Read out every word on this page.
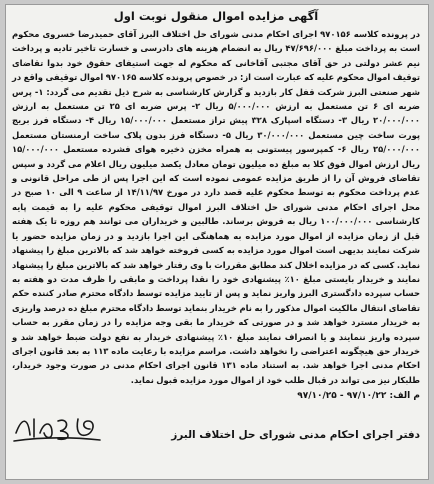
آگهی مزایده اموال منقول نوبت اول

در پرونده کلاسه ۹۷۰۱۵۶ اجرای احکام مدنی شورای حل اختلاف البرز آقای حمیدرضا خسروی محکوم است به پرداخت مبلغ ۴۷/۶۹۶/۰۰۰ ریال به انضمام هزینه های دادرسی و خسارت تاخیر تادیه و پرداخت نیم عشر دولتی در حق آقای مجتبی آقاخانی که محکوم له جهت استیفای حقوق خود بدوا تقاضای توقیف اموال محکوم علیه که عبارت است از: در خصوص پرونده کلاسه ۹۷۰۱۶۵ اموال توقیفی واقع در شهر صنعتی البرز شرکت قفل کار بازدید و گزارش کارشناسی به شرح ذیل تقدیم می گردد: ۱- پرس ضربه ای ۶ تن مستعمل به ارزش ۵/۰۰۰/۰۰۰ ریال ۲- پرس ضربه ای ۲۵ تن مستعمل به ارزش ۲۰/۰۰۰/۰۰۰ ریال ۳- دستگاه اسپارک ۳۲۸ پیش تراز مستعمل ۱۵/۰۰۰/۰۰۰ ریال ۴- دستگاه فرز بریج پورت ساخت چین مستعمل ۳۰/۰۰۰/۰۰۰ ریال ۵- دستگاه فرز بدون پلاک ساخت ارمنستان مستعمل ۲۵/۰۰۰/۰۰۰ ریال ۶- کمپرسور پیستونی به همراه مخزن ذخیره هوای فشرده مستعمل ۱۵/۰۰۰/۰۰۰ ریال ارزش اموال فوق کلا به مبلغ ده میلیون تومان معادل یکصد میلیون ریال اعلام می گردد و سپس تقاضای فروش آن را از طریق مزایده عمومی نموده است که این اجرا پس از طی مراحل قانونی و عدم پرداخت محکوم به توسط محکوم علیه قصد دارد در مورخ ۱۴/۱۱/۹۷ از ساعت ۹ الی ۱۰ صبح در محل اجرای احکام مدنی شورای حل اختلاف البرز اموال توقیفی محکوم علیه را به قیمت پایه کارشناسی ۱۰۰/۰۰۰/۰۰۰ ریال به فروش برساند. طالبین و خریداران می توانند هم روزه تا یک هفته قبل از زمان مزایده از اموال مورد مزایده به هماهنگی این اجرا بازدید و در زمان مزایده حضور یا شرکت نمایند بدیهی است اموال مورد مزایده به کسی فروخته خواهد شد که بالاترین مبلغ را پیشنهاد نماید. کسی که در مزایده اخلال کند مطابق مقررات با وی رفتار خواهد شد که بالاترین مبلغ را پیشنهاد نمایند و خریدار بایستی مبلغ ۱۰٪ پیشنهادی خود را نقدا پرداخت و مابقی را ظرف مدت دو هفته به حساب سپرده دادگستری البرز واریز نماید و پس از تایید مزایده توسط دادگاه محترم صادر کننده حکم تقاضای انتقال مالکیت اموال مذکور را به نام خریدار بنماید توسط دادگاه محترم مبلغ ده درصد واریزی به خریدار مسترد خواهد شد و در صورتی که خریدار ما بقی وجه مزایده را در زمان مقرر به حساب سپرده واریز ننمایند و یا انصراف نمایند مبلغ ۱۰٪ پیشنهادی خریدار به نفع دولت ضبط خواهد شد و خریدار حق هیچگونه اعتراضی را نخواهد داشت. مراسم مزایده با رعایت ماده ۱۱۳ به بعد قانون اجرای احکام مدنی اجرا خواهد شد. به استناد ماده ۱۳۱ قانون اجرای احکام مدنی در صورت وجود خریدار، طلبکار نیز می تواند در قبال طلب خود از اموال مورد مزایده قبول نماید.

م الف: ۹۷/۱۰/۲۲ - ۹۷/۱۰/۲۵
دفتر اجرای احکام مدنی شورای حل اختلاف البرز
